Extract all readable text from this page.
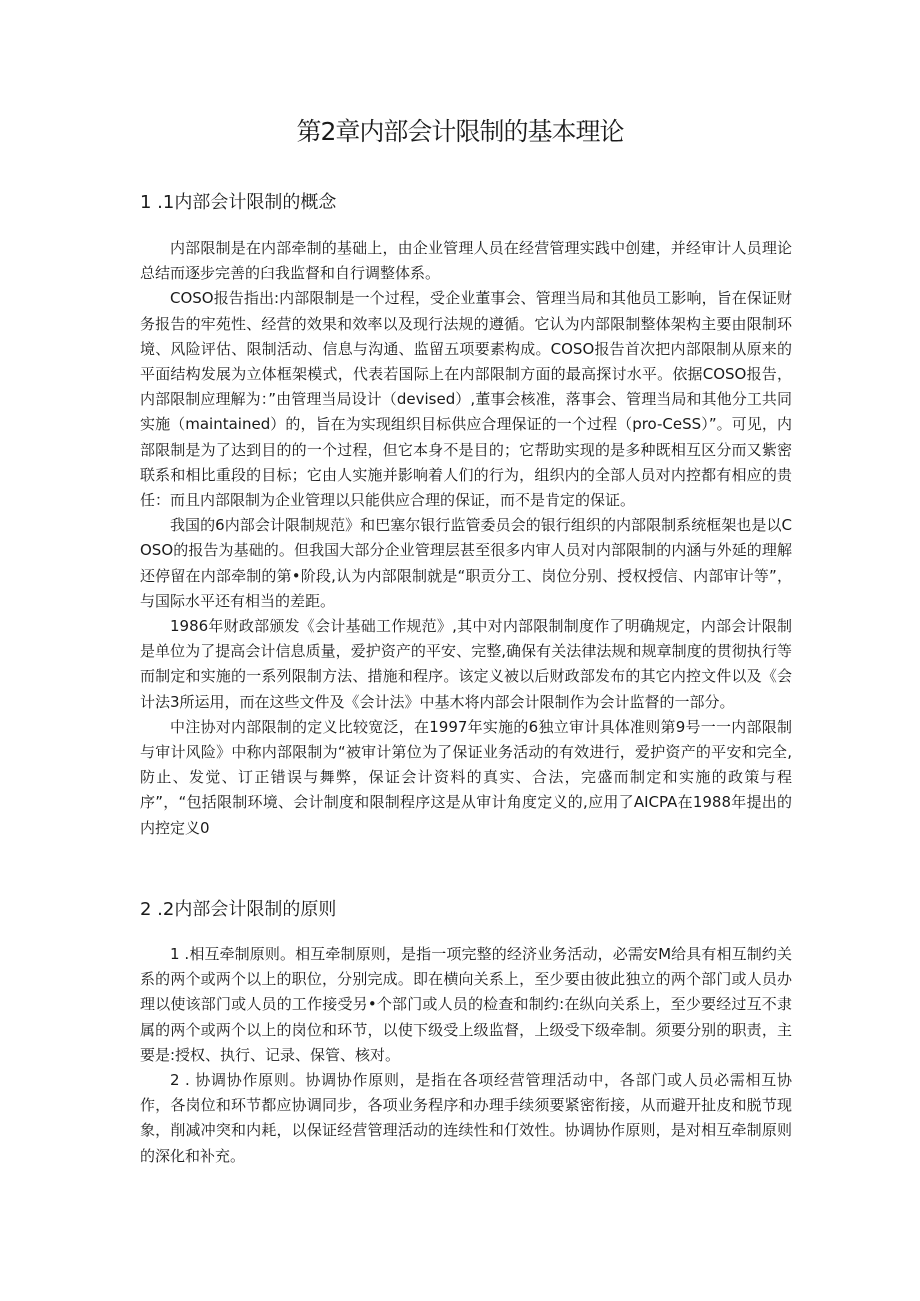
第2章内部会计限制的基本理论
1 .1内部会计限制的概念

内部限制是在内部牵制的基础上，由企业管理人员在经营管理实践中创建，并经审计人员理论总结而逐步完善的臼我监督和自行调整体系。

COSO报告指出:内部限制是一个过程，受企业董事会、管理当局和其他员工影响，旨在保证财务报告的牢苑性、经营的效果和效率以及现行法规的遵循。它认为内部限制整体架构主要由限制环境、风险评估、限制活动、信息与沟通、监留五项要素构成。COSO报告首次把内部限制从原来的平面结构发展为立体框架模式，代表若国际上在内部限制方面的最高探讨水平。依据COSO报告，内部限制应理解为：”由管理当局设计（devised）,董事会核准，落事会、管理当局和其他分工共同实施（maintained）的，旨在为实现组织目标供应合理保证的一个过程（pro-CeSS）”。可见，内部限制是为了达到目的的一个过程，但它本身不是目的；它帮助实现的是多种既相互区分而又紫密联系和相比重段的目标；它由人实施并影响着人们的行为，组织内的全部人员对内控都有相应的贵任：而且内部限制为企业管理以只能供应合理的保证，而不是肯定的保证。

我国的6内部会计限制规范》和巴塞尔银行监管委员会的银行组织的内部限制系统框架也是以COSO的报告为基础的。但我国大部分企业管理层甚至很多内审人员对内部限制的内涵与外延的理解还停留在内部牵制的第•阶段,认为内部限制就是“职贡分工、岗位分别、授权授信、内部审计等”，与国际水平还有相当的差距。

1986年财政部颁发《会计基础工作规范》,其中对内部限制制度作了明确规定，内部会计限制是单位为了提高会计信息质量，爱护资产的平安、完整,确保有关法律法规和规章制度的贯彻执行等而制定和实施的一系列限制方法、措施和程序。该定义被以后财政部发布的其它内控文件以及《会计法3所运用，而在这些文件及《会计法》中基木将内部会计限制作为会计监督的一部分。

中注协对内部限制的定义比较宽泛，在1997年实施的6独立审计具体准则第9号一一内部限制与审计风险》中称内部限制为“被审计第位为了保证业务活动的有效进行，爱护资产的平安和完全,防止、发觉、订正错误与舞弊，保证会计资料的真实、合法，完盛而制定和实施的政策与程序”，“包括限制环境、会计制度和限制程序这是从审计角度定义的,应用了AICPA在1988年提出的内控定义0

2 .2内部会计限制的原则

1 .相互牵制原则。相互牵制原则，是指一项完整的经济业务活动，必需安M给具有相互制约关系的两个或两个以上的职位，分别完成。即在横向关系上，至少要由彼此独立的两个部门或人员办理以使该部门或人员的工作接受另•个部门或人员的检查和制约:在纵向关系上，至少要经过互不隶属的两个或两个以上的岗位和环节，以使下级受上级监督，上级受下级牵制。须要分别的职责，主要是:授权、执行、记录、保管、核对。

2 . 协调协作原则。协调协作原则，是指在各项经营管理活动中，各部门或人员必需相互协作，各岗位和环节都应协调同步，各项业务程序和办理手续须要紧密衔接，从而避开扯皮和脱节现象，削减冲突和内耗，以保证经营管理活动的连续性和仃效性。协调协作原则，是对相互牵制原则的深化和补充。
